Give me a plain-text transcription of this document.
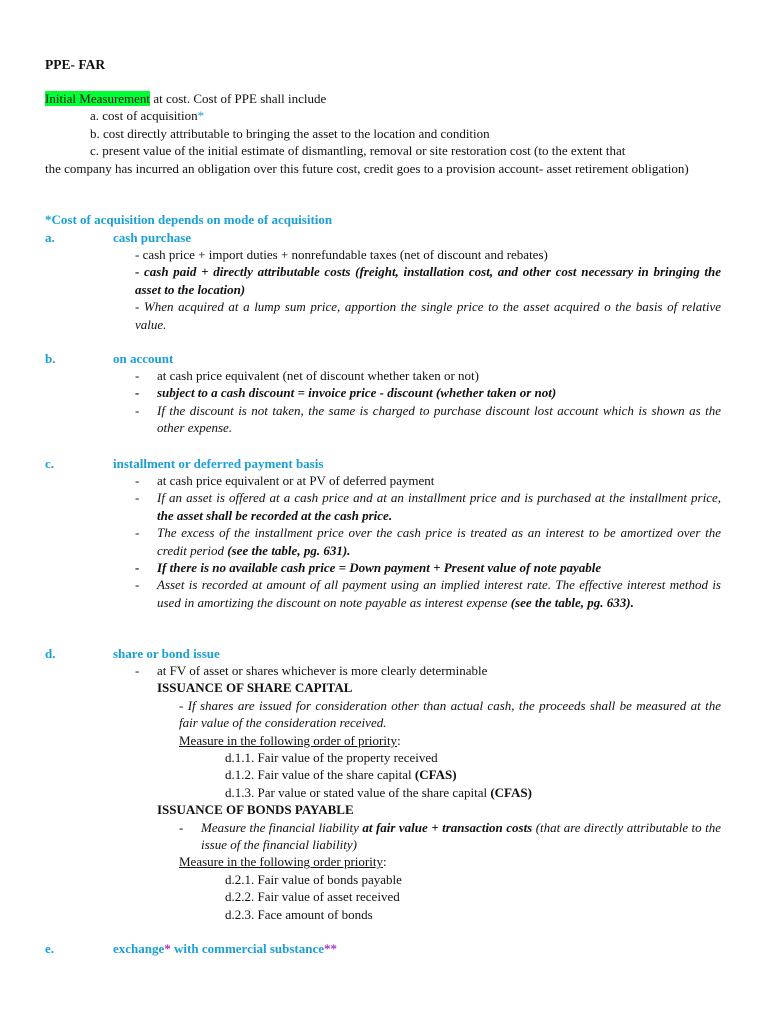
PPE- FAR
Initial Measurement at cost. Cost of PPE shall include
a. cost of acquisition*
b. cost directly attributable to bringing the asset to the location and condition
c. present value of the initial estimate of dismantling, removal or site restoration cost (to the extent that
the company has incurred an obligation over this future cost, credit goes to a provision account- asset retirement obligation)
*Cost of acquisition depends on mode of acquisition
a.	cash purchase
- cash price + import duties + nonrefundable taxes (net of discount and rebates)
- cash paid + directly attributable costs (freight, installation cost, and other cost necessary in bringing the asset to the location)
- When acquired at a lump sum price, apportion the single price to the asset acquired o the basis of relative value.
b.	on account
- at cash price equivalent (net of discount whether taken or not)
- subject to a cash discount = invoice price - discount (whether taken or not)
- If the discount is not taken, the same is charged to purchase discount lost account which is shown as the other expense.
c.	installment or deferred payment basis
- at cash price equivalent or at PV of deferred payment
- If an asset is offered at a cash price and at an installment price and is purchased at the installment price, the asset shall be recorded at the cash price.
- The excess of the installment price over the cash price is treated as an interest to be amortized over the credit period (see the table, pg. 631).
- If there is no available cash price = Down payment + Present value of note payable
- Asset is recorded at amount of all payment using an implied interest rate. The effective interest method is used in amortizing the discount on note payable as interest expense (see the table, pg. 633).
d.	share or bond issue
- at FV of asset or shares whichever is more clearly determinable
ISSUANCE OF SHARE CAPITAL
- If shares are issued for consideration other than actual cash, the proceeds shall be measured at the fair value of the consideration received.
Measure in the following order of priority:
d.1.1. Fair value of the property received
d.1.2. Fair value of the share capital (CFAS)
d.1.3. Par value or stated value of the share capital (CFAS)
ISSUANCE OF BONDS PAYABLE
- Measure the financial liability at fair value + transaction costs (that are directly attributable to the issue of the financial liability)
Measure in the following order priority:
d.2.1. Fair value of bonds payable
d.2.2. Fair value of asset received
d.2.3. Face amount of bonds
e.	exchange* with commercial substance**
